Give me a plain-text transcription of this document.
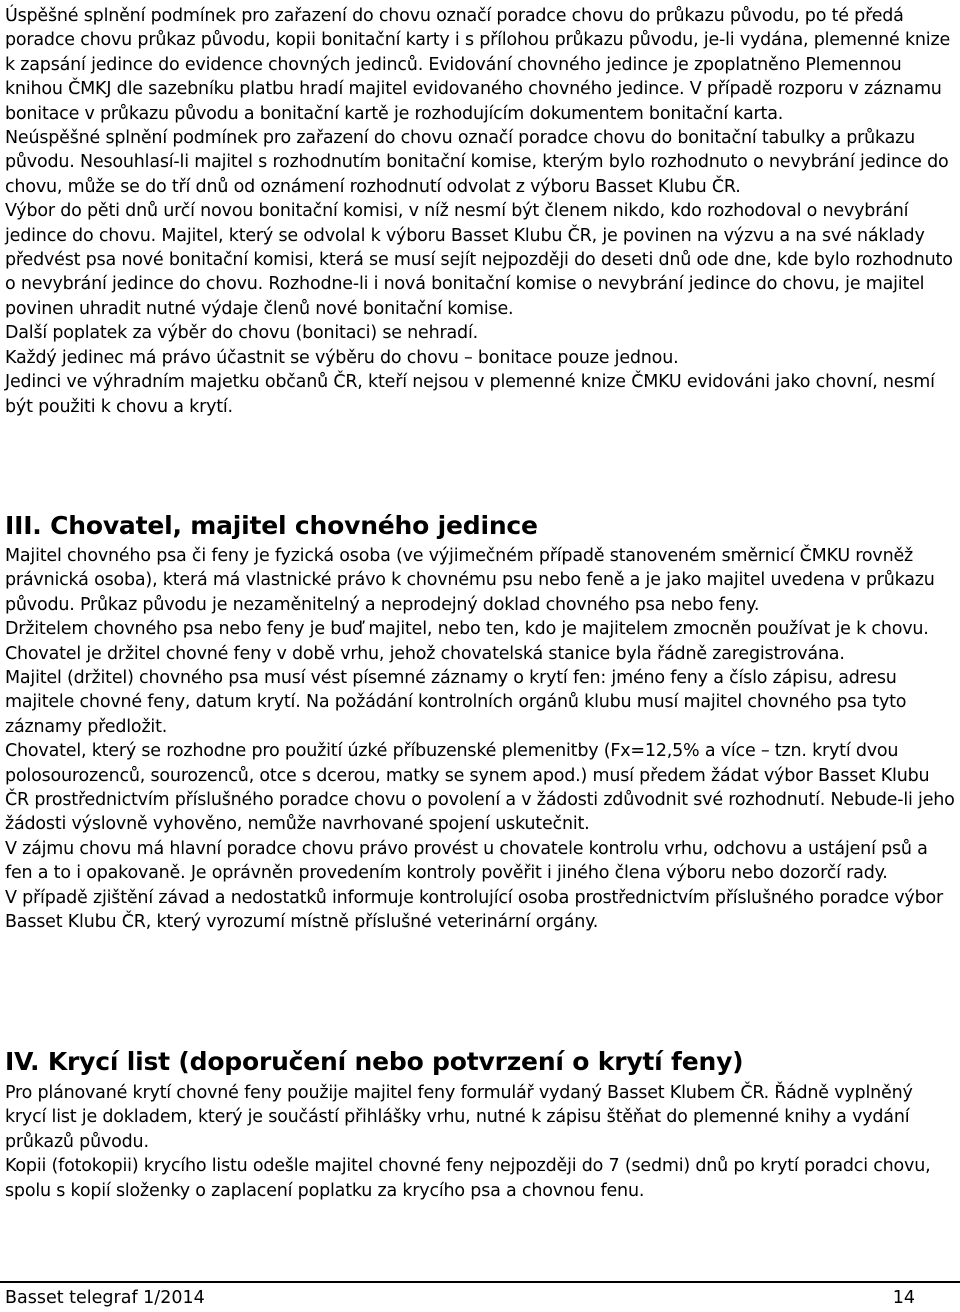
Úspěšné splnění podmínek pro zařazení do chovu označí poradce chovu do průkazu původu, po té předá poradce chovu průkaz původu, kopii bonitační karty i s přílohou průkazu původu, je-li vydána, plemenné knize k zapsání jedince do evidence chovných jedinců. Evidování chovného jedince je zpoplatněno Plemennou knihou ČMKJ dle sazebníku platbu hradí majitel evidovaného chovného jedince. V případě rozporu v záznamu bonitace v průkazu původu a bonitační kartě je rozhodujícím dokumentem bonitační karta.

Neúspěšné splnění podmínek pro zařazení do chovu označí poradce chovu do bonitační tabulky a průkazu původu. Nesouhlasí-li majitel s rozhodnutím bonitační komise, kterým bylo rozhodnuto o nevybrání jedince do chovu, může se do tří dnů od oznámení rozhodnutí odvolat z výboru Basset Klubu ČR.

Výbor do pěti dnů určí novou bonitační komisi, v níž nesmí být členem nikdo, kdo rozhodoval o nevybrání jedince do chovu. Majitel, který se odvolal k výboru Basset Klubu ČR, je povinen na výzvu a na své náklady předvést psa nové bonitační komisi, která se musí sejít nejpozději do deseti dnů ode dne, kde bylo rozhodnuto o nevybrání jedince do chovu. Rozhodne-li i nová bonitační komise o nevybrání jedince do chovu, je majitel povinen uhradit nutné výdaje členů nové bonitační komise.

Další poplatek za výběr do chovu (bonitaci) se nehradí.

Každý jedinec má právo účastnit se výběru do chovu – bonitace pouze jednou.

Jedinci ve výhradním majetku občanů ČR, kteří nejsou v plemenné knize ČMKU evidováni jako chovní, nesmí být použiti k chovu a krytí.

III. Chovatel, majitel chovného jedince

Majitel chovného psa či feny je fyzická osoba (ve výjimečném případě stanoveném směrnicí ČMKU rovněž právnická osoba), která má vlastnické právo k chovnému psu nebo feně a je jako majitel uvedena v průkazu původu. Průkaz původu je nezaměnitelný a neprodejný doklad chovného psa nebo feny.

Držitelem chovného psa nebo feny je buď majitel, nebo ten, kdo je majitelem zmocněn používat je k chovu.

Chovatel je držitel chovné feny v době vrhu, jehož chovatelská stanice byla řádně zaregistrována.

Majitel (držitel) chovného psa musí vést písemné záznamy o krytí fen: jméno feny a číslo zápisu, adresu majitele chovné feny, datum krytí. Na požádání kontrolních orgánů klubu musí majitel chovného psa tyto záznamy předložit.

Chovatel, který se rozhodne pro použití úzké příbuzenské plemenitby (Fx=12,5% a více – tzn. krytí dvou polosourozenců, sourozenců, otce s dcerou, matky se synem apod.) musí předem žádat výbor Basset Klubu ČR prostřednictvím příslušného poradce chovu o povolení a v žádosti zdůvodnit své rozhodnutí. Nebude-li jeho žádosti výslovně vyhověno, nemůže navrhované spojení uskutečnit.

V zájmu chovu má hlavní poradce chovu právo provést u chovatele kontrolu vrhu, odchovu a ustájení psů a fen a to i opakovaně. Je oprávněn provedením kontroly pověřit i jiného člena výboru nebo dozorčí rady.

V případě zjištění závad a nedostatků informuje kontrolující osoba prostřednictvím příslušného poradce výbor Basset Klubu ČR, který vyrozumí místně příslušné veterinární orgány.

IV. Krycí list (doporučení nebo potvrzení o krytí feny)

Pro plánované krytí chovné feny použije majitel feny formulář vydaný Basset Klubem ČR. Řádně vyplněný krycí list je dokladem, který je součástí přihlášky vrhu, nutné k zápisu štěňat do plemenné knihy a vydání průkazů původu.

Kopii (fotokopii) krycího listu odešle majitel chovné feny nejpozději do 7 (sedmi) dnů po krytí poradci chovu, spolu s kopií složenky o zaplacení poplatku za krycího psa a chovnou fenu.

Basset telegraf 1/2014	14
